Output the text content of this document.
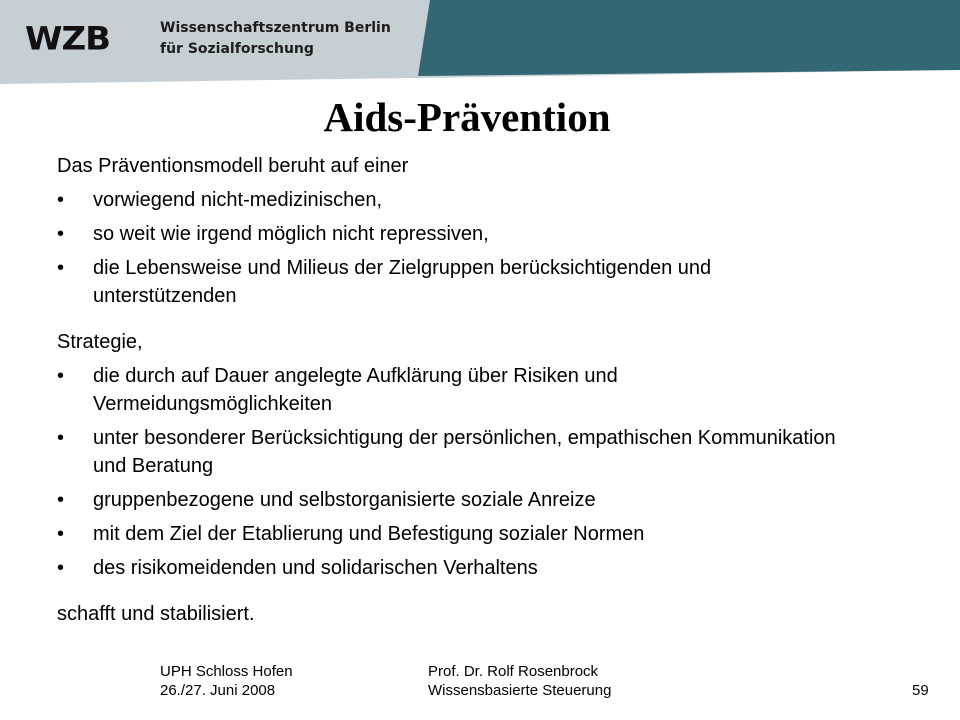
WZB	Wissenschaftszentrum Berlin
für Sozialforschung
Aids-Prävention

Das Präventionsmodell beruht auf einer

• vorwiegend nicht-medizinischen,
• so weit wie irgend möglich nicht repressiven,
• die Lebensweise und Milieus der Zielgruppen berücksichtigenden und unterstützenden

Strategie,

• die durch auf Dauer angelegte Aufklärung über Risiken und Vermeidungsmöglichkeiten
• unter besonderer Berücksichtigung der persönlichen, empathischen Kommunikation und Beratung
• gruppenbezogene und selbstorganisierte soziale Anreize
• mit dem Ziel der Etablierung und Befestigung sozialer Normen
• des risikomeidenden und solidarischen Verhaltens

schafft und stabilisiert.

UPH Schloss Hofen
26./27. Juni 2008
Prof. Dr. Rolf Rosenbrock
Wissensbasierte Steuerung	59
